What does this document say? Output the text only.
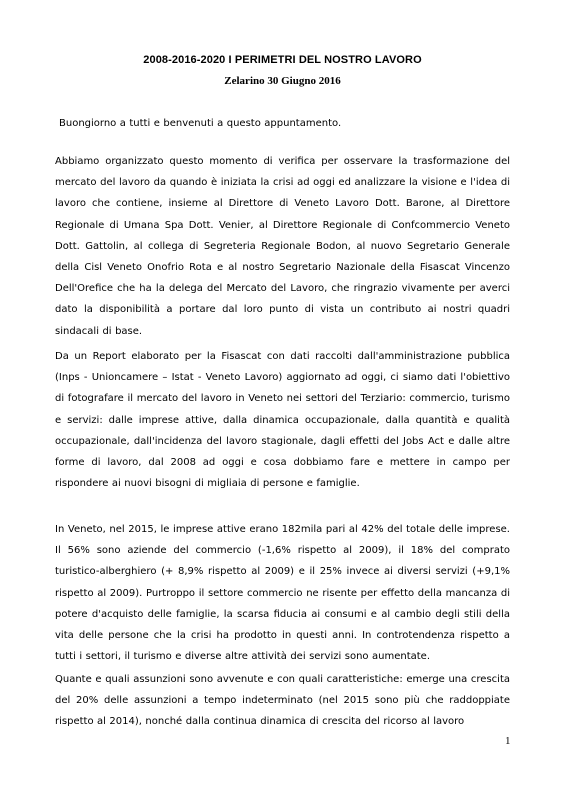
2008-2016-2020 I PERIMETRI DEL NOSTRO LAVORO
Zelarino 30 Giugno 2016

Buongiorno a tutti e benvenuti a questo appuntamento.

Abbiamo organizzato questo momento di verifica per osservare la trasformazione del mercato del lavoro da quando è iniziata la crisi ad oggi ed analizzare la visione e l'idea di lavoro che contiene, insieme al Direttore di Veneto Lavoro Dott. Barone, al Direttore Regionale di Umana Spa Dott. Venier, al Direttore Regionale di Confcommercio Veneto Dott. Gattolin, al collega di Segreteria Regionale Bodon, al nuovo Segretario Generale della Cisl Veneto Onofrio Rota e al nostro Segretario Nazionale della Fisascat Vincenzo Dell'Orefice che ha la delega del Mercato del Lavoro, che ringrazio vivamente per averci dato la disponibilità a portare dal loro punto di vista un contributo ai nostri quadri sindacali di base.

Da un Report elaborato per la Fisascat con dati raccolti dall'amministrazione pubblica (Inps - Unioncamere – Istat - Veneto Lavoro) aggiornato ad oggi, ci siamo dati l'obiettivo di fotografare il mercato del lavoro in Veneto nei settori del Terziario: commercio, turismo e servizi: dalle imprese attive, dalla dinamica occupazionale, dalla quantità e qualità occupazionale, dall'incidenza del lavoro stagionale, dagli effetti del Jobs Act e dalle altre forme di lavoro, dal 2008 ad oggi e cosa dobbiamo fare e mettere in campo per rispondere ai nuovi bisogni di migliaia di persone e famiglie.

In Veneto, nel 2015, le imprese attive erano 182mila pari al 42% del totale delle imprese. Il 56% sono aziende del commercio (-1,6% rispetto al 2009), il 18% del comprato turistico-alberghiero (+ 8,9% rispetto al 2009) e il 25% invece ai diversi servizi (+9,1% rispetto al 2009). Purtroppo il settore commercio ne risente per effetto della mancanza di potere d'acquisto delle famiglie, la scarsa fiducia ai consumi e al cambio degli stili della vita delle persone che la crisi ha prodotto in questi anni. In controtendenza rispetto a tutti i settori, il turismo e diverse altre attività dei servizi sono aumentate.

Quante e quali assunzioni sono avvenute e con quali caratteristiche: emerge una crescita del 20% delle assunzioni a tempo indeterminato (nel 2015 sono più che raddoppiate rispetto al 2014), nonché dalla continua dinamica di crescita del ricorso al lavoro

1
